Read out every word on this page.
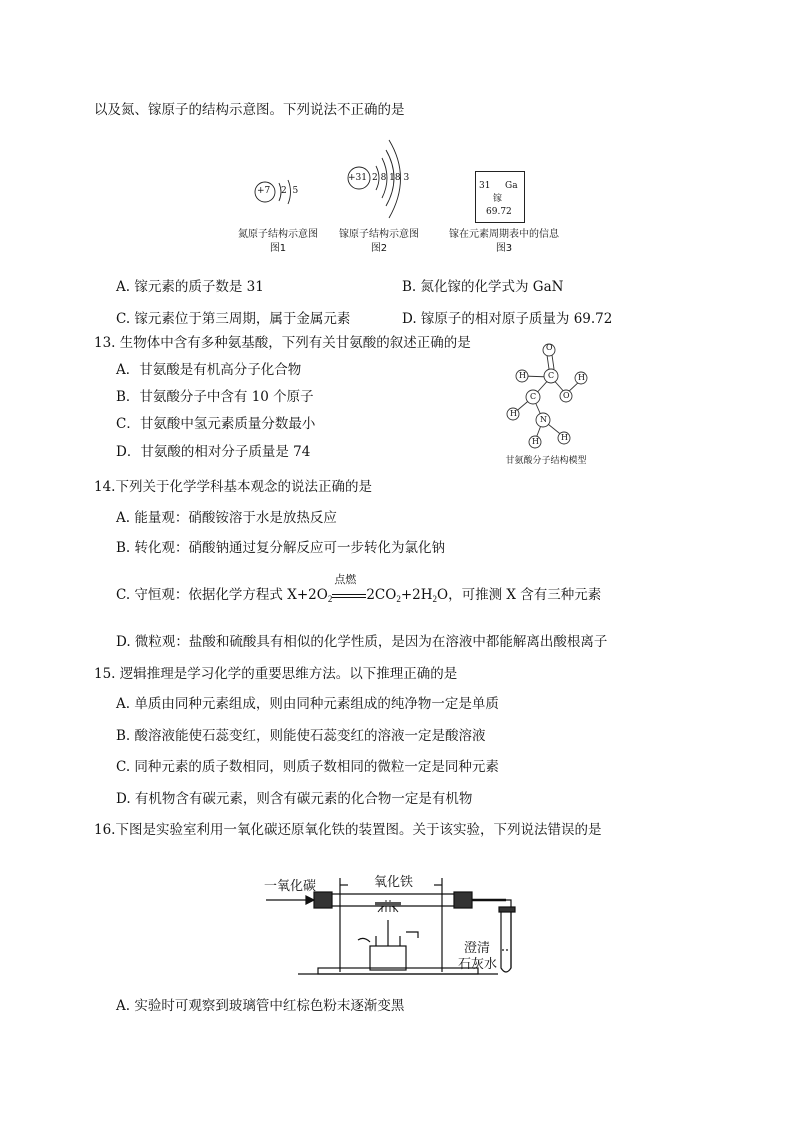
以及氮、镓原子的结构示意图。下列说法不正确的是
+7 2  5
氮原子结构示意图
图1
+31 2 8 18 3
镓原子结构示意图
图2
31 Ga
镓
69.72
镓在元素周期表中的信息
图3
A. 镓元素的质子数是 31	B. 氮化镓的化学式为 GaN
C. 镓元素位于第三周期，属于金属元素	D. 镓原子的相对原子质量为 69.72
13. 生物体中含有多种氨基酸，下列有关甘氨酸的叙述正确的是
A．甘氨酸是有机高分子化合物
B．甘氨酸分子中含有 10 个原子
C．甘氨酸中氢元素质量分数最小
D．甘氨酸的相对分子质量是 74
O
C
H	H
O
C
H
N
H	H
甘氨酸分子结构模型
14.下列关于化学学科基本观念的说法正确的是
A. 能量观：硝酸铵溶于水是放热反应
B. 转化观：硝酸钠通过复分解反应可一步转化为氯化钠
C. 守恒观：依据化学方程式 $X+2O_2$
点燃
$2CO_2+2H_2O$，可推测 X 含有三种元素
D. 微粒观：盐酸和硫酸具有相似的化学性质，是因为在溶液中都能解离出酸根离子
15. 逻辑推理是学习化学的重要思维方法。以下推理正确的是
A. 单质由同种元素组成，则由同种元素组成的纯净物一定是单质
B. 酸溶液能使石蕊变红，则能使石蕊变红的溶液一定是酸溶液
C. 同种元素的质子数相同，则质子数相同的微粒一定是同种元素
D. 有机物含有碳元素，则含有碳元素的化合物一定是有机物
16.下图是实验室利用一氧化碳还原氧化铁的装置图。关于该实验，下列说法错误的是
一氧化碳	氧化铁
澄清
石灰水
A. 实验时可观察到玻璃管中红棕色粉末逐渐变黑
